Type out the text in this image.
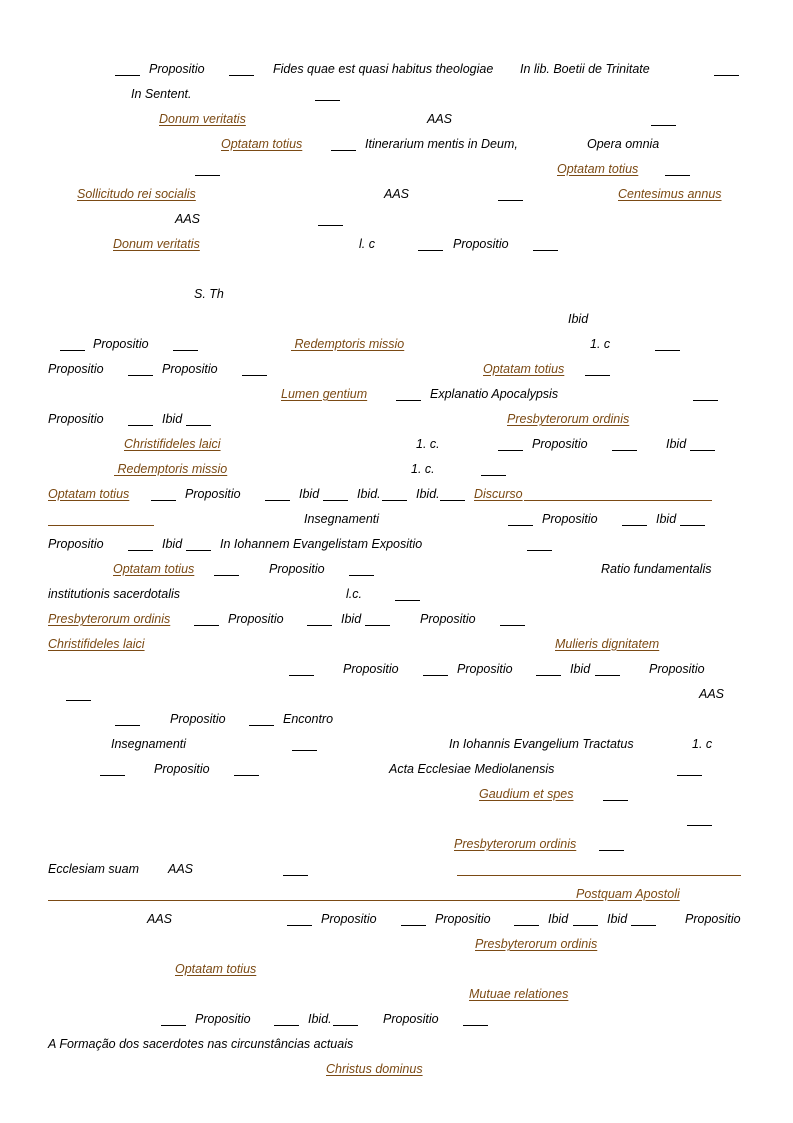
Propositio	Fides quae est quasi habitus theologiae In lib. Boetii de Trinitate
In Sentent.
Donum veritatis	AAS
Optatam totius	Itinerarium mentis in Deum,	Opera omnia
Optatam totius
Sollicitudo rei socialis	AAS	Centesimus annus
AAS
Donum veritatis	l. c	Propositio
S. Th
Ibid
Propositio	Redemptoris missio	1. c
Propositio	Propositio	Optatam totius
Lumen gentium	Explanatio Apocalypsis
Propositio	Ibid	Presbyterorum ordinis
Christifideles laici	1. c.	Propositio	Ibid
Redemptoris missio	1. c.
Optatam totius	Propositio	Ibid	Ibid.	Ibid.	Discurso
Insegnamenti	Propositio	Ibid
Propositio	Ibid	In Iohannem Evangelistam Expositio
Optatam totius	Propositio	Ratio fundamentalis
institutionis sacerdotalis	l.c.
Presbyterorum ordinis	Propositio	Ibid	Propositio
Christifideles laici	Mulieris dignitatem
Propositio	Propositio	Ibid	Propositio
AAS
Propositio	Encontro
Insegnamenti	In Iohannis Evangelium Tractatus	1. c
Propositio	Acta Ecclesiae Mediolanensis
Gaudium et spes
Presbyterorum ordinis
Ecclesiam suam AAS
Postquam Apostoli
AAS	Propositio	Propositio	Ibid	Ibid	Propositio
Presbyterorum ordinis
Optatam totius
Mutuae relationes
Propositio	Ibid.	Propositio
A Formação dos sacerdotes nas circunstâncias actuais
Christus dominus
